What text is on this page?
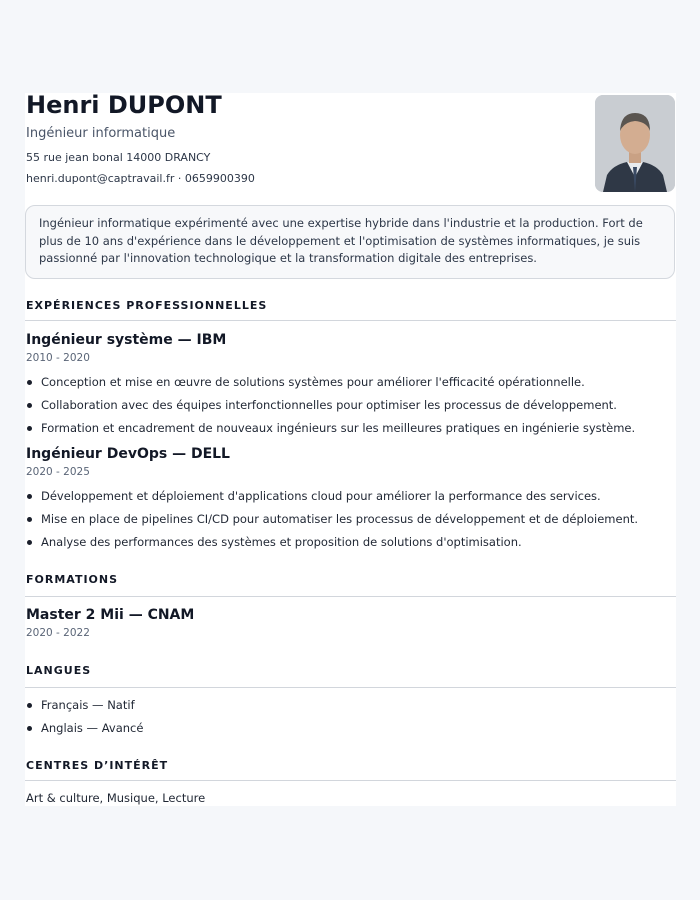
Henri DUPONT
Ingénieur informatique
55 rue jean bonal 14000 DRANCY
henri.dupont@captravail.fr · 0659900390
Ingénieur informatique expérimenté avec une expertise hybride dans l'industrie et la production. Fort de plus de 10 ans d'expérience dans le développement et l'optimisation de systèmes informatiques, je suis passionné par l'innovation technologique et la transformation digitale des entreprises.
EXPÉRIENCES PROFESSIONNELLES
Ingénieur système — IBM
2010 - 2020
Conception et mise en œuvre de solutions systèmes pour améliorer l'efficacité opérationnelle.
Collaboration avec des équipes interfonctionnelles pour optimiser les processus de développement.
Formation et encadrement de nouveaux ingénieurs sur les meilleures pratiques en ingénierie système.
Ingénieur DevOps — DELL
2020 - 2025
Développement et déploiement d'applications cloud pour améliorer la performance des services.
Mise en place de pipelines CI/CD pour automatiser les processus de développement et de déploiement.
Analyse des performances des systèmes et proposition de solutions d'optimisation.
FORMATIONS
Master 2 Mii — CNAM
2020 - 2022
LANGUES
Français — Natif
Anglais — Avancé
CENTRES D’INTÉRÊT
Art & culture, Musique, Lecture
